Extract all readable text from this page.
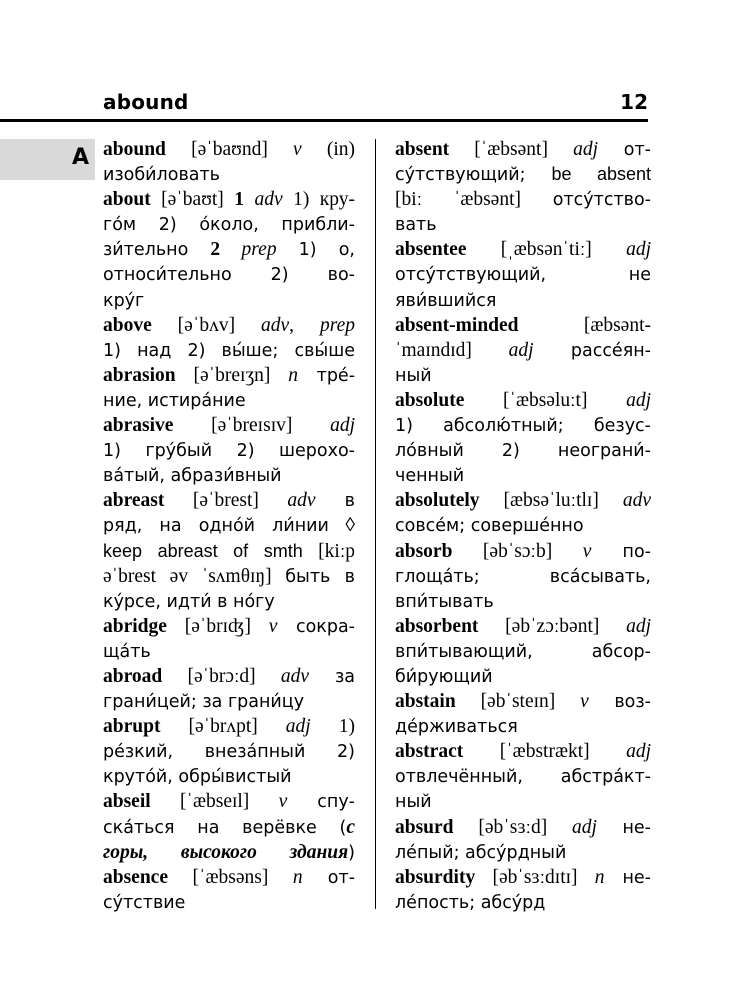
abound	12
A abound [əˈbaʊnd] v (in)
изоби́ловать
about [əˈbaʊt] 1 adv 1) кру-
го́м 2) о́коло, прибли-
зи́тельно 2 prep 1) о,
относи́тельно 2) во-
кру́г
above [əˈbʌv] adv, prep
1) над 2) вы́ше; свы́ше
abrasion [əˈbreɪʒn] n тре́-
ние, истира́ние
abrasive [əˈbreɪsɪv] adj
1) гру́бый 2) шерохо-
ва́тый, абрази́вный
abreast [əˈbrest] adv в
ряд, на одно́й ли́нии ◊
keep abreast of smth [kiːp
əˈbrest əv ˈsʌmθɪŋ] быть в
ку́рсе, идти́ в но́гу
abridge [əˈbrɪʤ] v сокра-
ща́ть
abroad [əˈbrɔːd] adv за
грани́цей; за грани́цу
abrupt [əˈbrʌpt] adj 1)
ре́зкий, внеза́пный 2)
круто́й, обры́вистый
abseil [ˈæbseɪl] v спу-
ска́ться на верёвке (с
горы, высокого здания)
absence [ˈæbsəns] n от-
су́тствие
absent [ˈæbsənt] adj от-
су́тствующий; be absent
[biː ˈæbsənt] отсу́тство-
вать
absentee [ˌæbsənˈtiː] adj
отсу́тствующий, не
яви́вшийся
absent-minded [æbsənt-
ˈmaɪndɪd] adj рассе́ян-
ный
absolute [ˈæbsəluːt] adj
1) абсолю́тный; безус-
ло́вный 2) неограни́-
ченный
absolutely [æbsəˈluːtlɪ] adv
совсе́м; соверше́нно
absorb [əbˈsɔːb] v по-
глоща́ть; вса́сывать,
впи́тывать
absorbent [əbˈzɔːbənt] adj
впи́тывающий, абсор-
би́рующий
abstain [əbˈsteɪn] v воз-
де́рживаться
abstract [ˈæbstrækt] adj
отвлечённый, абстра́кт-
ный
absurd [əbˈsɜːd] adj не-
ле́пый; абсу́рдный
absurdity [əbˈsɜːdɪtɪ] n не-
ле́пость; абсу́рд
